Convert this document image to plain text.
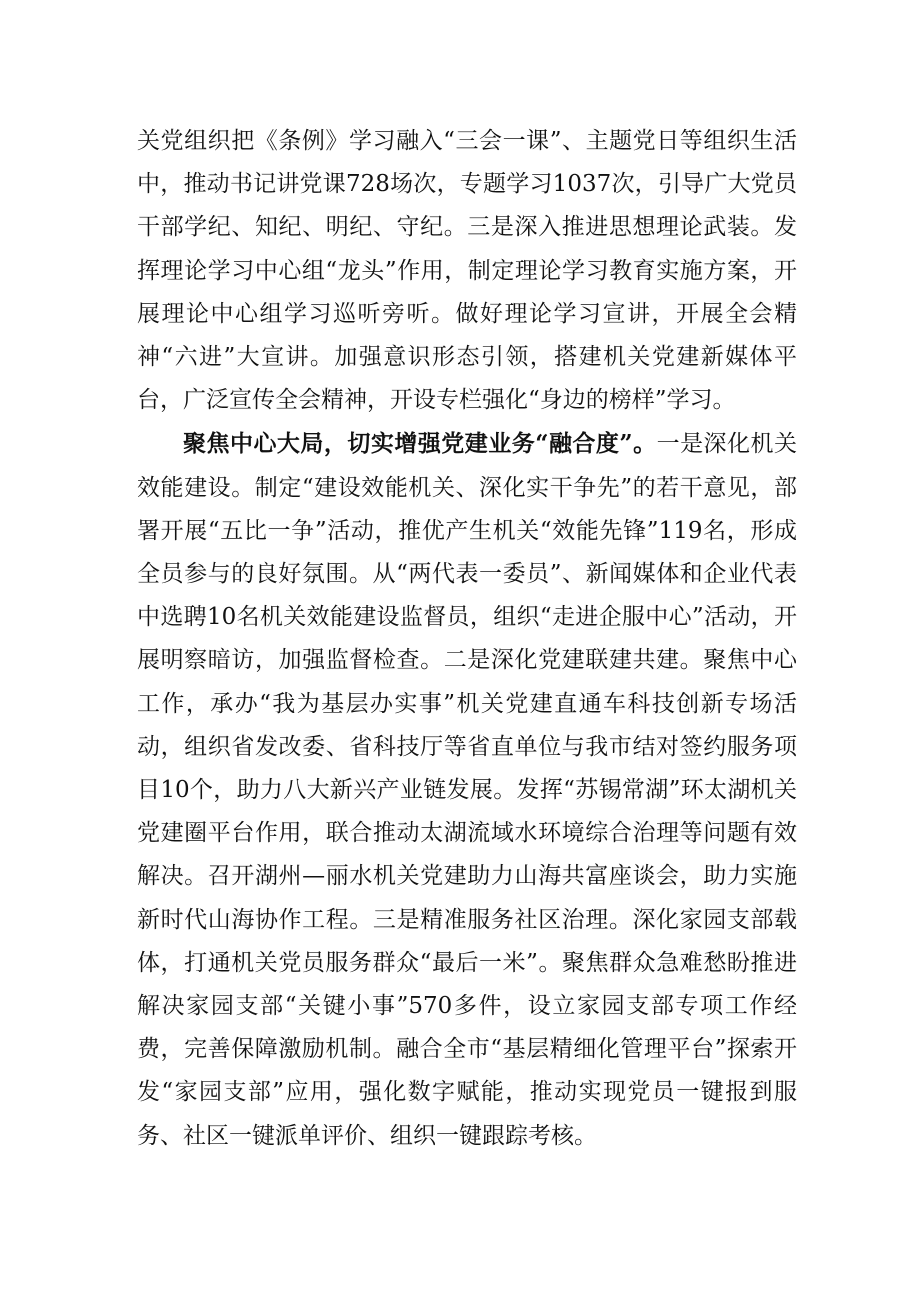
关党组织把《条例》学习融入“三会一课”、主题党日等组织生活中，推动书记讲党课728场次，专题学习1037次，引导广大党员干部学纪、知纪、明纪、守纪。三是深入推进思想理论武装。发挥理论学习中心组“龙头”作用，制定理论学习教育实施方案，开展理论中心组学习巡听旁听。做好理论学习宣讲，开展全会精神“六进”大宣讲。加强意识形态引领，搭建机关党建新媒体平台，广泛宣传全会精神，开设专栏强化“身边的榜样”学习。

聚焦中心大局，切实增强党建业务“融合度”。一是深化机关效能建设。制定“建设效能机关、深化实干争先”的若干意见，部署开展“五比一争”活动，推优产生机关“效能先锋”119名，形成全员参与的良好氛围。从“两代表一委员”、新闻媒体和企业代表中选聘10名机关效能建设监督员，组织“走进企服中心”活动，开展明察暗访，加强监督检查。二是深化党建联建共建。聚焦中心工作，承办“我为基层办实事”机关党建直通车科技创新专场活动，组织省发改委、省科技厅等省直单位与我市结对签约服务项目10个，助力八大新兴产业链发展。发挥“苏锡常湖”环太湖机关党建圈平台作用，联合推动太湖流域水环境综合治理等问题有效解决。召开湖州—丽水机关党建助力山海共富座谈会，助力实施新时代山海协作工程。三是精准服务社区治理。深化家园支部载体，打通机关党员服务群众“最后一米”。聚焦群众急难愁盼推进解决家园支部“关键小事”570多件，设立家园支部专项工作经费，完善保障激励机制。融合全市“基层精细化管理平台”探索开发“家园支部”应用，强化数字赋能，推动实现党员一键报到服务、社区一键派单评价、组织一键跟踪考核。
